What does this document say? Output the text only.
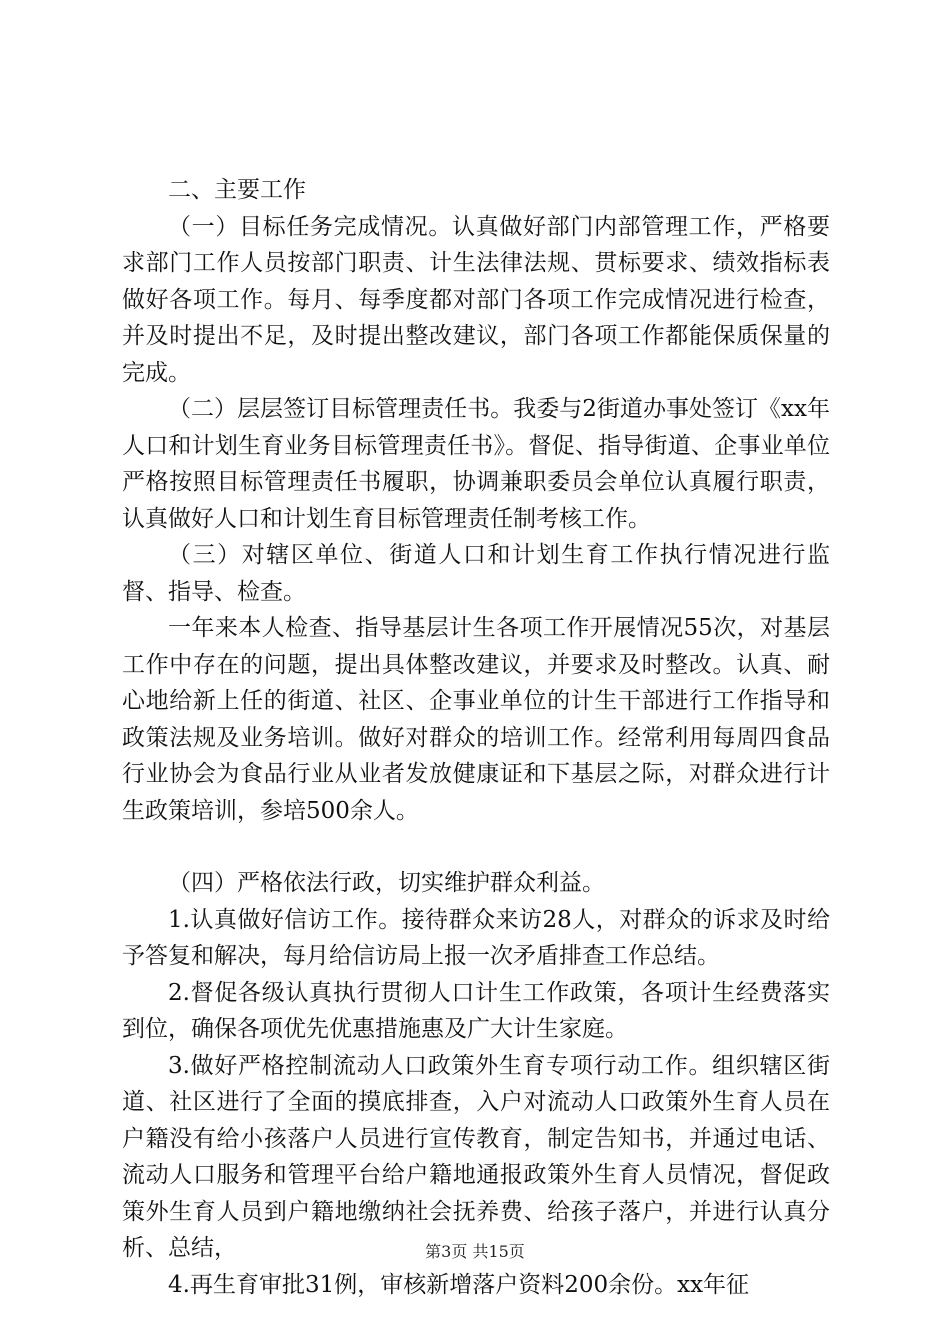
二、主要工作

（一）目标任务完成情况。认真做好部门内部管理工作，严格要求部门工作人员按部门职责、计生法律法规、贯标要求、绩效指标表做好各项工作。每月、每季度都对部门各项工作完成情况进行检查，并及时提出不足，及时提出整改建议，部门各项工作都能保质保量的完成。

（二）层层签订目标管理责任书。我委与2街道办事处签订《xx年人口和计划生育业务目标管理责任书》。督促、指导街道、企事业单位严格按照目标管理责任书履职，协调兼职委员会单位认真履行职责，认真做好人口和计划生育目标管理责任制考核工作。

（三）对辖区单位、街道人口和计划生育工作执行情况进行监督、指导、检查。

一年来本人检查、指导基层计生各项工作开展情况55次，对基层工作中存在的问题，提出具体整改建议，并要求及时整改。认真、耐心地给新上任的街道、社区、企事业单位的计生干部进行工作指导和政策法规及业务培训。做好对群众的培训工作。经常利用每周四食品行业协会为食品行业从业者发放健康证和下基层之际，对群众进行计生政策培训，参培500余人。

（四）严格依法行政，切实维护群众利益。

1.认真做好信访工作。接待群众来访28人，对群众的诉求及时给予答复和解决，每月给信访局上报一次矛盾排查工作总结。

2.督促各级认真执行贯彻人口计生工作政策，各项计生经费落实到位，确保各项优先优惠措施惠及广大计生家庭。

3.做好严格控制流动人口政策外生育专项行动工作。组织辖区街道、社区进行了全面的摸底排查，入户对流动人口政策外生育人员在户籍没有给小孩落户人员进行宣传教育，制定告知书，并通过电话、流动人口服务和管理平台给户籍地通报政策外生育人员情况，督促政策外生育人员到户籍地缴纳社会抚养费、给孩子落户，并进行认真分析、总结，

4.再生育审批31例，审核新增落户资料200余份。xx年征

第3页 共15页
